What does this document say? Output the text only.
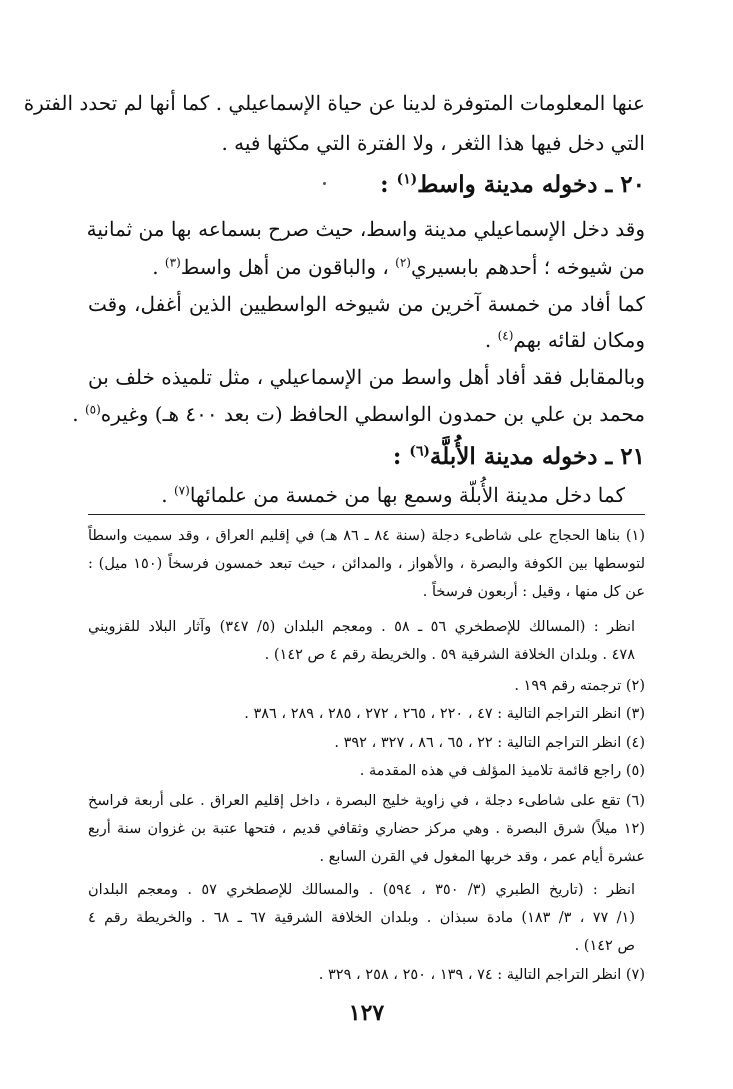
عنها المعلومات المتوفرة لدينا عن حياة الإسماعيلي . كما أنها لم تحدد الفترة
التي دخل فيها هذا الثغر ، ولا الفترة التي مكثها فيه .
٢٠ ـ دخوله مدينة واسط$^{(١)}$ :
وقد دخل الإسماعيلي مدينة واسط، حيث صرح بسماعه بها من ثمانية
من شيوخه ؛ أحدهم بابسيري$^{(٢)}$ ، والباقون من أهل واسط$^{(٣)}$ .
كما أفاد من خمسة آخرين من شيوخه الواسطيين الذين أغفل، وقت
ومكان لقائه بهم$^{(٤)}$ .
وبالمقابل فقد أفاد أهل واسط من الإسماعيلي ، مثل تلميذه خلف بن
محمد بن علي بن حمدون الواسطي الحافظ (ت بعد ٤٠٠ هـ) وغيره$^{(٥)}$ .
٢١ ـ دخوله مدينة الأُبلَّة$^{(٦)}$ :
كما دخل مدينة الأُبلّة وسمع بها من خمسة من علمائها$^{(٧)}$ .
(١) بناها الحجاج على شاطىء دجلة (سنة ٨٤ ـ ٨٦ هـ) في إقليم العراق ، وقد سميت واسطاً
لتوسطها بين الكوفة والبصرة ، والأهواز ، والمدائن ، حيث تبعد خمسون فرسخاً (١٥٠ ميل) :
عن كل منها ، وقيل : أربعون فرسخاً .
انظر : (المسالك للإصطخري ٥٦ ـ ٥٨ . ومعجم البلدان (٥/ ٣٤٧) وآثار البلاد للقزويني
٤٧٨ . وبلدان الخلافة الشرقية ٥٩ . والخريطة رقم ٤ ص ١٤٢) .
(٢) ترجمته رقم ١٩٩ .
(٣) انظر التراجم التالية : ٤٧ ، ٢٢٠ ، ٢٦٥ ، ٢٧٢ ، ٢٨٥ ، ٢٨٩ ، ٣٨٦ .
(٤) انظر التراجم التالية : ٢٢ ، ٦٥ ، ٨٦ ، ٣٢٧ ، ٣٩٢ .
(٥) راجع قائمة تلاميذ المؤلف في هذه المقدمة .
(٦) تقع على شاطىء دجلة ، في زاوية خليج البصرة ، داخل إقليم العراق . على أربعة فراسخ
(١٢ ميلاً) شرق البصرة . وهي مركز حضاري وثقافي قديم ، فتحها عتبة بن غزوان سنة أربع
عشرة أيام عمر ، وقد خربها المغول في القرن السابع .
انظر : (تاريخ الطبري (٣/ ٣٥٠ ، ٥٩٤) . والمسالك للإصطخري ٥٧ . ومعجم البلدان
(١/ ٧٧ ، ٣/ ١٨٣) مادة سبذان . وبلدان الخلافة الشرقية ٦٧ ـ ٦٨ . والخريطة رقم ٤
ص ١٤٢) .
(٧) انظر التراجم التالية : ٧٤ ، ١٣٩ ، ٢٥٠ ، ٢٥٨ ، ٣٢٩ .
١٢٧
